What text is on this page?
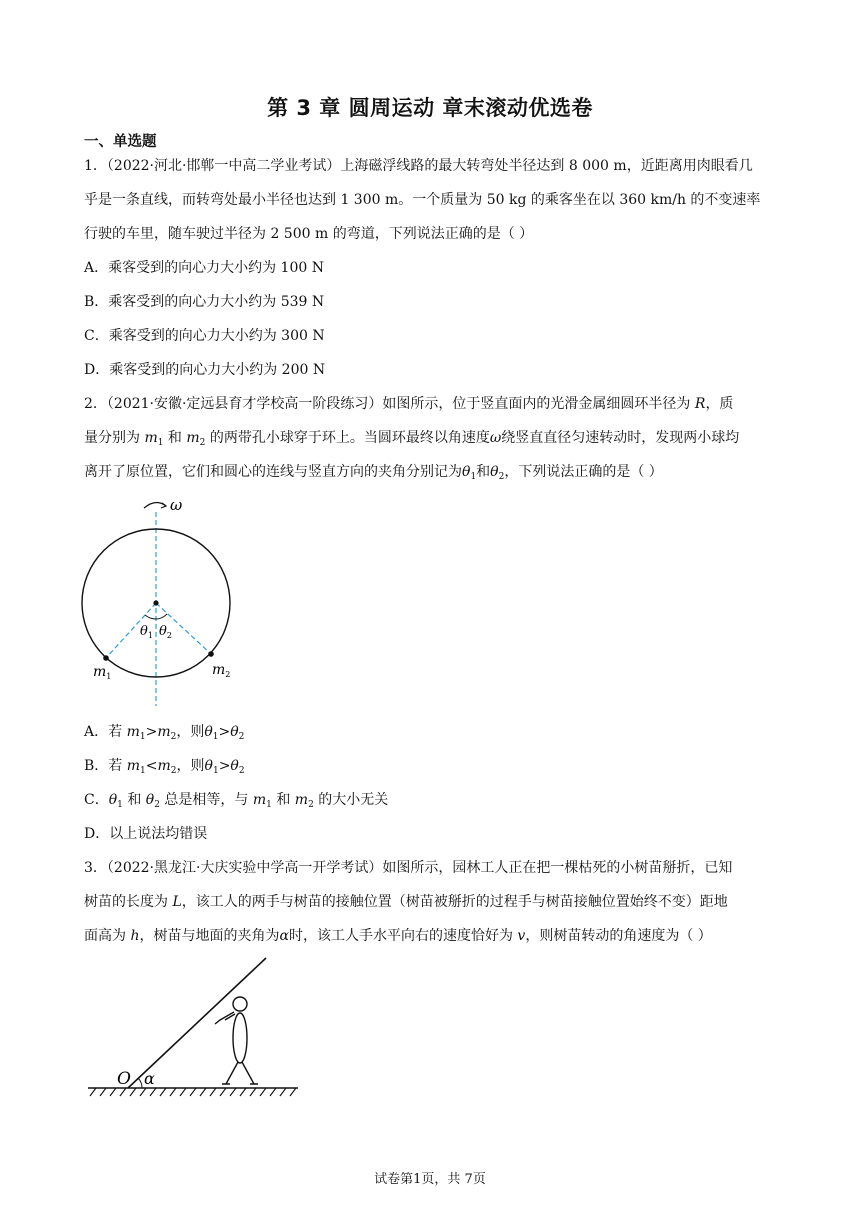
第 3 章 圆周运动 章末滚动优选卷
一、单选题
1．（2022·河北·邯郸一中高二学业考试）上海磁浮线路的最大转弯处半径达到 8 000 m，近距离用肉眼看几
乎是一条直线，而转弯处最小半径也达到 1 300 m。一个质量为 50 kg 的乘客坐在以 360 km/h 的不变速率
行驶的车里，随车驶过半径为 2 500 m 的弯道，下列说法正确的是（ ）
A．乘客受到的向心力大小约为 100 N
B．乘客受到的向心力大小约为 539 N
C．乘客受到的向心力大小约为 300 N
D．乘客受到的向心力大小约为 200 N
2．（2021·安徽·定远县育才学校高一阶段练习）如图所示，位于竖直面内的光滑金属细圆环半径为 R，质
量分别为 $m_1$ 和 $m_2$ 的两带孔小球穿于环上。当圆环最终以角速度ω绕竖直直径匀速转动时，发现两小球均
离开了原位置，它们和圆心的连线与竖直方向的夹角分别记为$\theta_1$和$\theta_2$，下列说法正确的是（ ）
ω
$\theta_1$ $\theta_2$
$m_1$	$m_2$
A．若 $m_1>m_2$，则$\theta_1>\theta_2$
B．若 $m_1<m_2$，则$\theta_1>\theta_2$
C．$\theta_1$ 和 $\theta_2$ 总是相等，与 $m_1$ 和 $m_2$ 的大小无关
D．以上说法均错误
3．（2022·黑龙江·大庆实验中学高一开学考试）如图所示，园林工人正在把一棵枯死的小树苗掰折，已知
树苗的长度为 L，该工人的两手与树苗的接触位置（树苗被掰折的过程手与树苗接触位置始终不变）距地
面高为 h，树苗与地面的夹角为α时，该工人手水平向右的速度恰好为 v，则树苗转动的角速度为（ ）
O α
试卷第1页，共 7页
